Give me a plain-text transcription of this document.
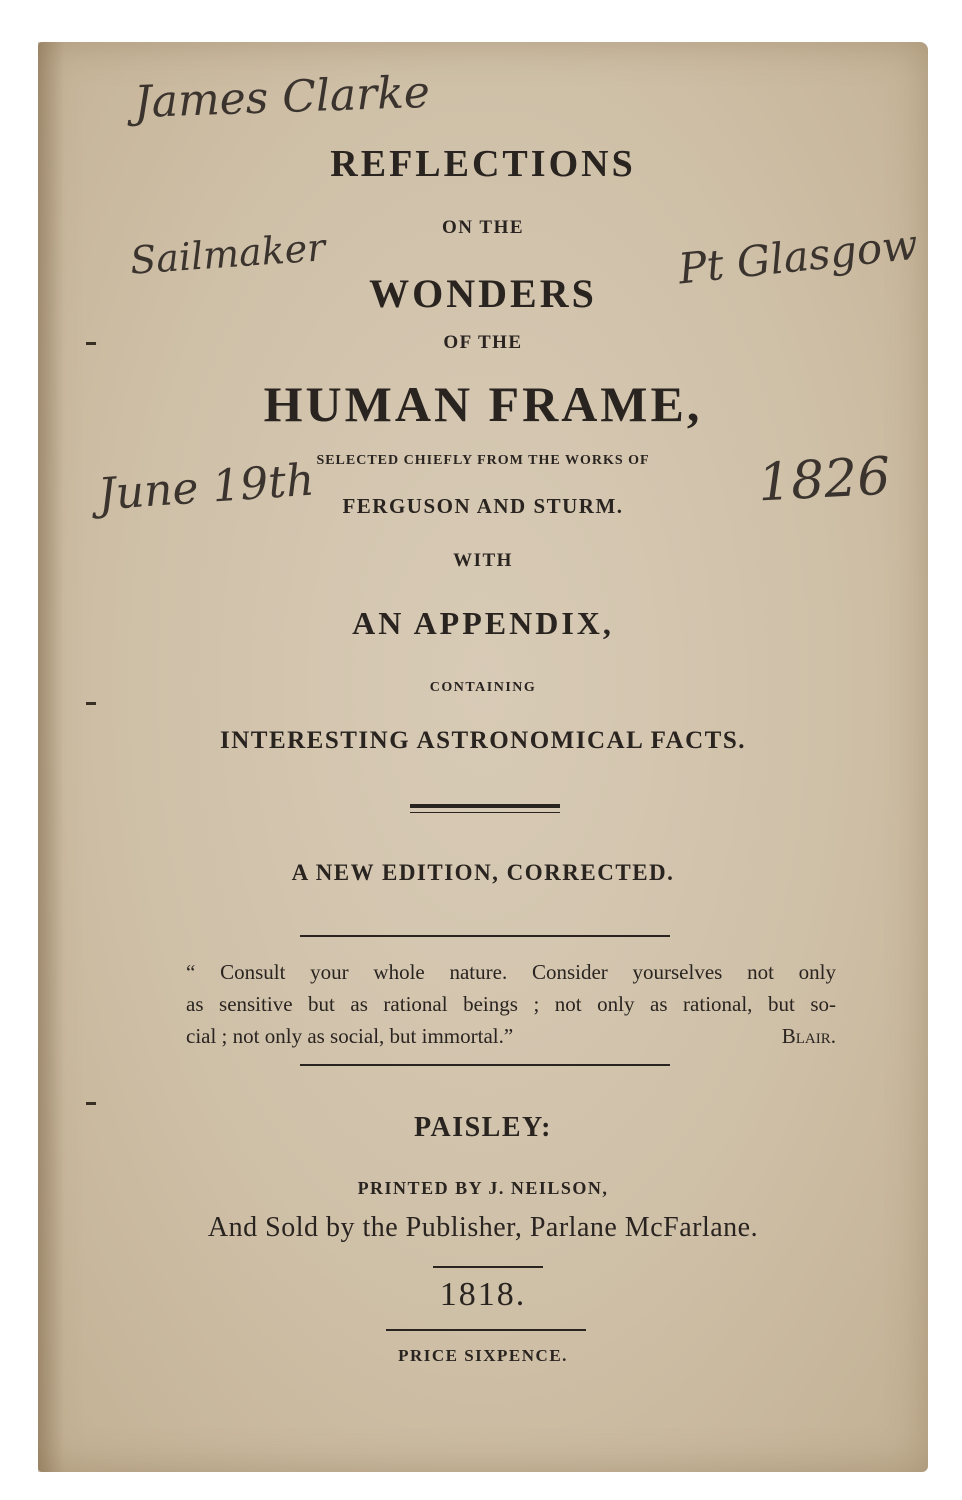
James Clarke
Sailmaker	Pt Glasgow
June 19th	1826
REFLECTIONS
ON THE
WONDERS
OF THE
HUMAN FRAME,
SELECTED CHIEFLY FROM THE WORKS OF
FERGUSON AND STURM.
WITH
AN APPENDIX,
CONTAINING
INTERESTING ASTRONOMICAL FACTS.
A NEW EDITION, CORRECTED.

“ Consult your whole nature. Consider yourselves not only

as sensitive but as rational beings ; not only as rational, but so-

cial ; not only as social, but immortal.”	Blair.

PAISLEY:
PRINTED BY J. NEILSON,
And Sold by the Publisher, Parlane McFarlane.
1818.
PRICE SIXPENCE.
